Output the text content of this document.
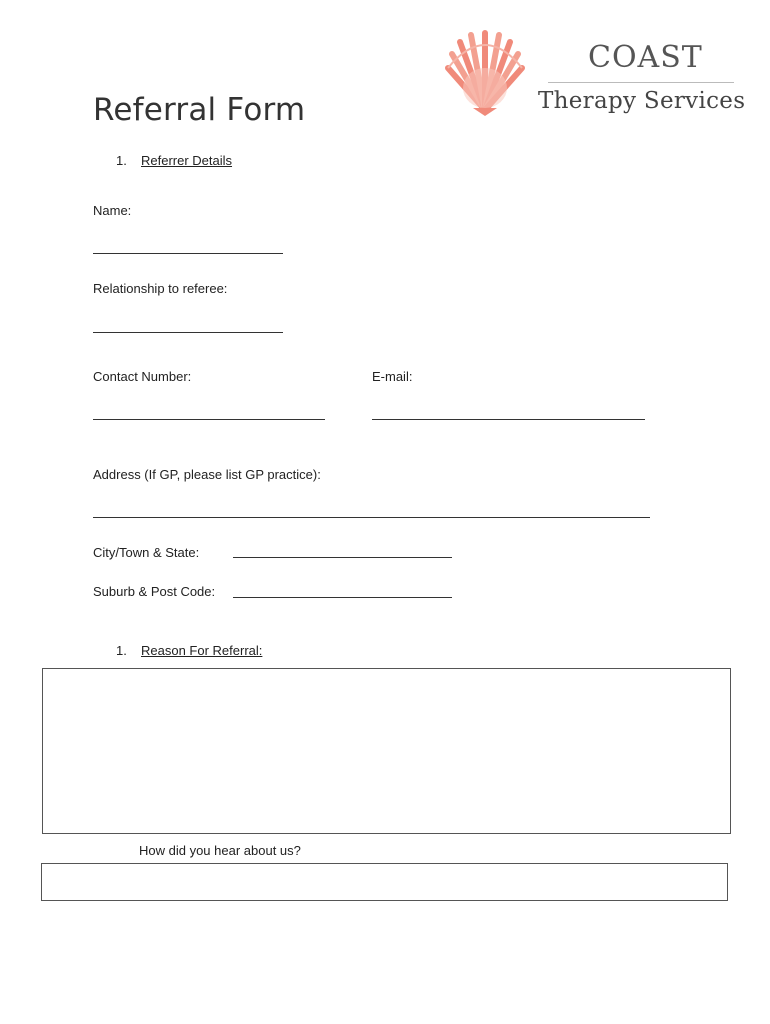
COAST
Therapy Services
Referral Form
1. Referrer Details
Name:
Relationship to referee:
Contact Number:	E-mail:
Address (If GP, please list GP practice):
City/Town & State:
Suburb & Post Code:
1. Reason For Referral:
How did you hear about us?
